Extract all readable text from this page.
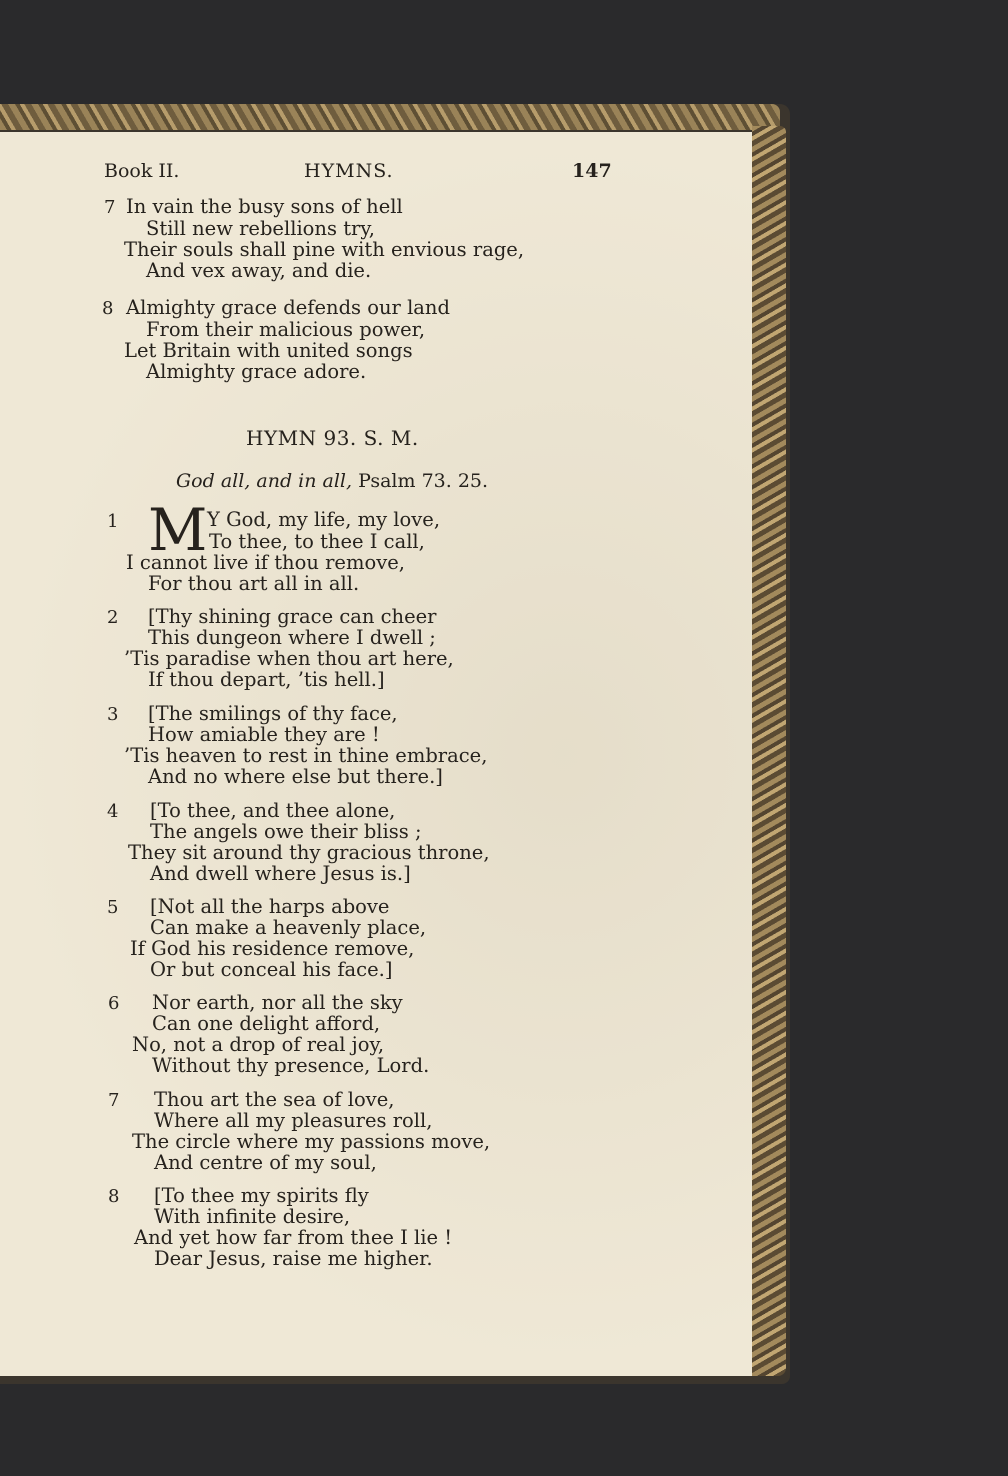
Book II.	HYMNS.	147
7 In vain the busy sons of hell
Still new rebellions try,
Their souls shall pine with envious rage,
And vex away, and die.
8 Almighty grace defends our land
From their malicious power,
Let Britain with united songs
Almighty grace adore.
HYMN 93. S. M.
God all, and in all, Psalm 73. 25.
1 M Y God, my life, my love,
To thee, to thee I call,
I cannot live if thou remove,
For thou art all in all.
2 [Thy shining grace can cheer
This dungeon where I dwell ;
’Tis paradise when thou art here,
If thou depart, ’tis hell.]
3 [The smilings of thy face,
How amiable they are !
’Tis heaven to rest in thine embrace,
And no where else but there.]
4 [To thee, and thee alone,
The angels owe their bliss ;
They sit around thy gracious throne,
And dwell where Jesus is.]
5 [Not all the harps above
Can make a heavenly place,
If God his residence remove,
Or but conceal his face.]
6 Nor earth, nor all the sky
Can one delight afford,
No, not a drop of real joy,
Without thy presence, Lord.
7 Thou art the sea of love,
Where all my pleasures roll,
The circle where my passions move,
And centre of my soul,
8 [To thee my spirits fly
With infinite desire,
And yet how far from thee I lie !
Dear Jesus, raise me higher.
